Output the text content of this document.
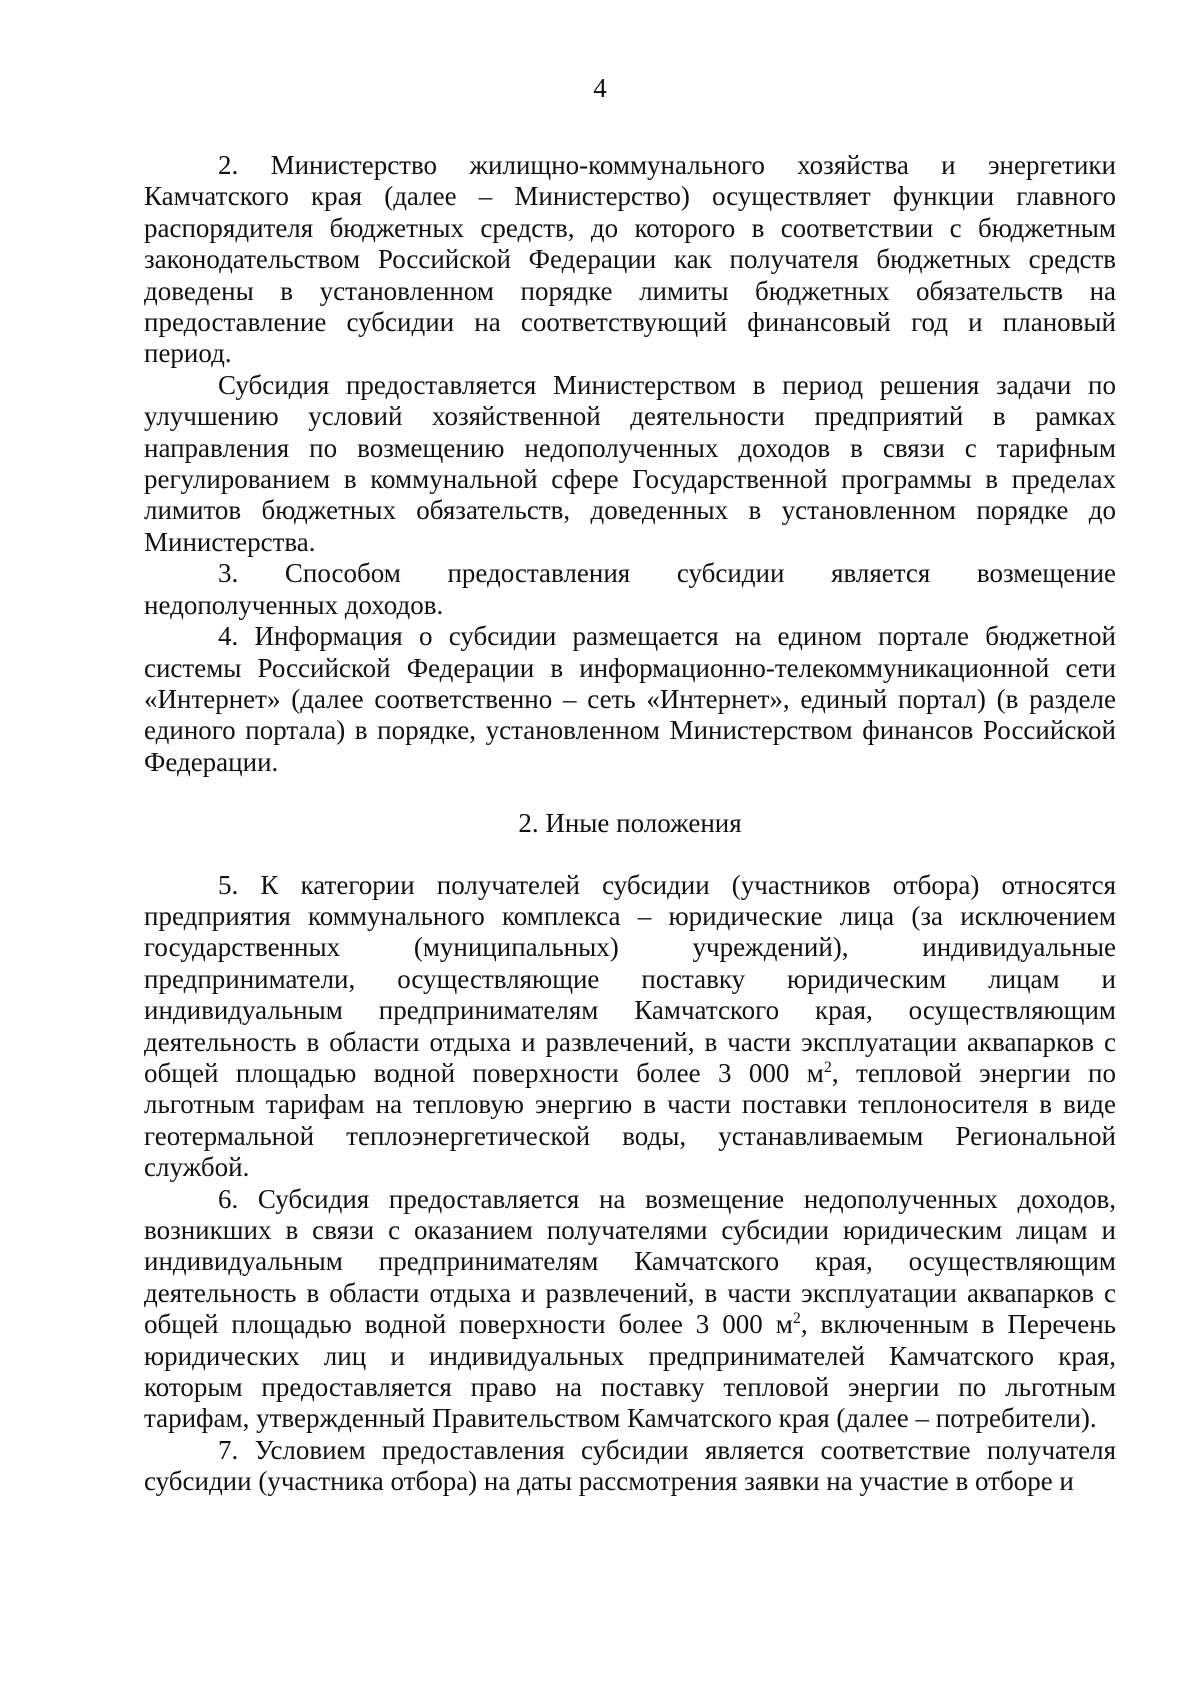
4

2. Министерство жилищно-коммунального хозяйства и энергетики Камчатского края (далее – Министерство) осуществляет функции главного распорядителя бюджетных средств, до которого в соответствии с бюджетным законодательством Российской Федерации как получателя бюджетных средств доведены в установленном порядке лимиты бюджетных обязательств на предоставление субсидии на соответствующий финансовый год и плановый период.

Субсидия предоставляется Министерством в период решения задачи по улучшению условий хозяйственной деятельности предприятий в рамках направления по возмещению недополученных доходов в связи с тарифным регулированием в коммунальной сфере Государственной программы в пределах лимитов бюджетных обязательств, доведенных в установленном порядке до Министерства.

3. Способом предоставления субсидии является возмещение недополученных доходов.

4. Информация о субсидии размещается на едином портале бюджетной системы Российской Федерации в информационно-телекоммуникационной сети «Интернет» (далее соответственно – сеть «Интернет», единый портал) (в разделе единого портала) в порядке, установленном Министерством финансов Российской Федерации.

2. Иные положения

5. К категории получателей субсидии (участников отбора) относятся предприятия коммунального комплекса – юридические лица (за исключением государственных (муниципальных) учреждений), индивидуальные предприниматели, осуществляющие поставку юридическим лицам и индивидуальным предпринимателям Камчатского края, осуществляющим деятельность в области отдыха и развлечений, в части эксплуатации аквапарков с общей площадью водной поверхности более 3 000 $м^2$, тепловой энергии по льготным тарифам на тепловую энергию в части поставки теплоносителя в виде геотермальной теплоэнергетической воды, устанавливаемым Региональной службой.

6. Субсидия предоставляется на возмещение недополученных доходов, возникших в связи с оказанием получателями субсидии юридическим лицам и индивидуальным предпринимателям Камчатского края, осуществляющим деятельность в области отдыха и развлечений, в части эксплуатации аквапарков с общей площадью водной поверхности более 3 000 $м^2$, включенным в Перечень юридических лиц и индивидуальных предпринимателей Камчатского края, которым предоставляется право на поставку тепловой энергии по льготным тарифам, утвержденный Правительством Камчатского края (далее – потребители).

7. Условием предоставления субсидии является соответствие получателя субсидии (участника отбора) на даты рассмотрения заявки на участие в отборе и
